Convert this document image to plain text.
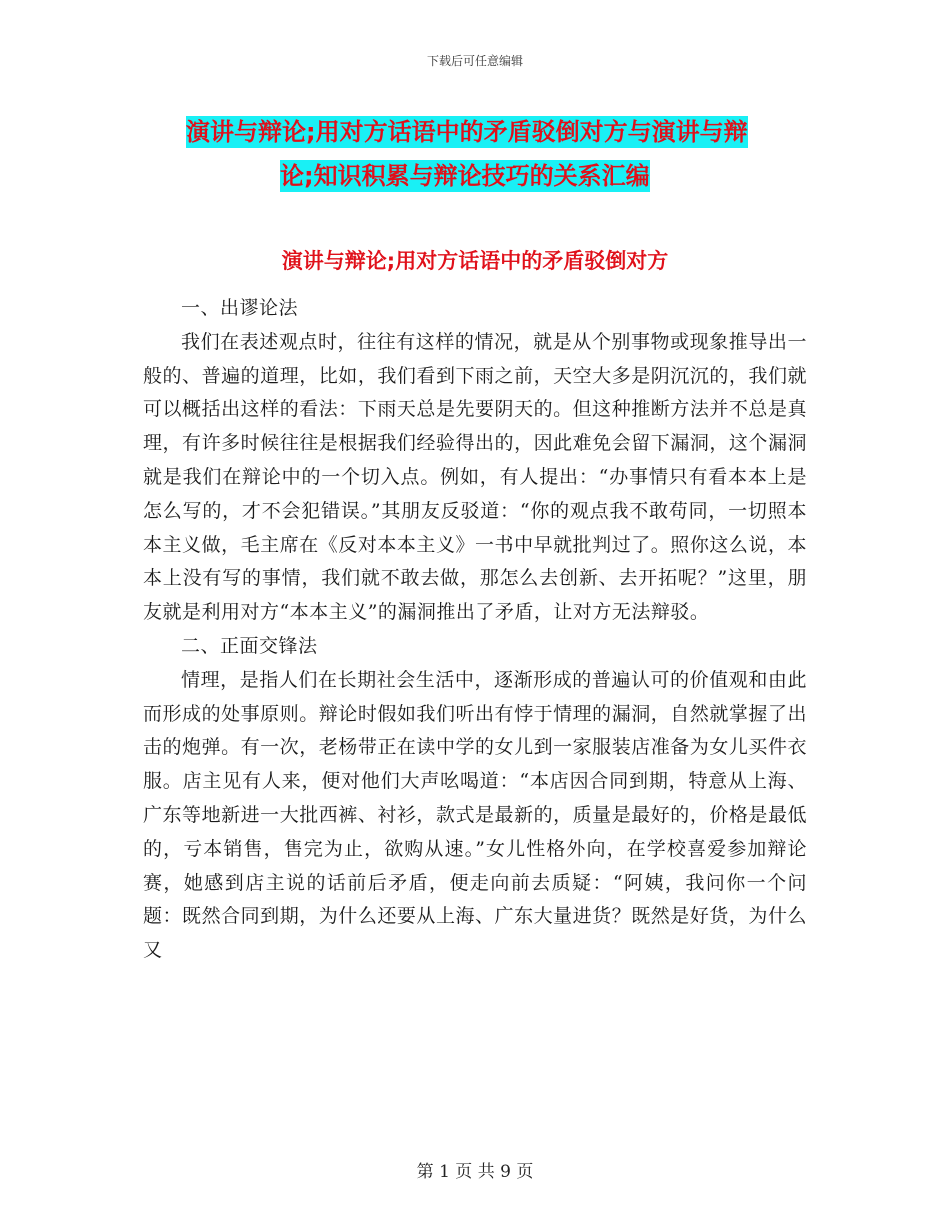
下载后可任意编辑
演讲与辩论;用对方话语中的矛盾驳倒对方与演讲与辩
论;知识积累与辩论技巧的关系汇编
演讲与辩论;用对方话语中的矛盾驳倒对方

一、出谬论法

我们在表述观点时，往往有这样的情况，就是从个别事物或现象推导出一般的、普遍的道理，比如，我们看到下雨之前，天空大多是阴沉沉的，我们就可以概括出这样的看法：下雨天总是先要阴天的。但这种推断方法并不总是真理，有许多时候往往是根据我们经验得出的，因此难免会留下漏洞，这个漏洞就是我们在辩论中的一个切入点。例如，有人提出：“办事情只有看本本上是怎么写的，才不会犯错误。”其朋友反驳道：“你的观点我不敢苟同，一切照本本主义做，毛主席在《反对本本主义》一书中早就批判过了。照你这么说，本本上没有写的事情，我们就不敢去做，那怎么去创新、去开拓呢？”这里，朋友就是利用对方“本本主义”的漏洞推出了矛盾，让对方无法辩驳。

二、正面交锋法

情理，是指人们在长期社会生活中，逐渐形成的普遍认可的价值观和由此而形成的处事原则。辩论时假如我们听出有悖于情理的漏洞，自然就掌握了出击的炮弹。有一次，老杨带正在读中学的女儿到一家服装店准备为女儿买件衣服。店主见有人来，便对他们大声吆喝道：“本店因合同到期，特意从上海、广东等地新进一大批西裤、衬衫，款式是最新的，质量是最好的，价格是最低的，亏本销售，售完为止，欲购从速。”女儿性格外向，在学校喜爱参加辩论赛，她感到店主说的话前后矛盾，便走向前去质疑：“阿姨，我问你一个问题：既然合同到期，为什么还要从上海、广东大量进货？既然是好货，为什么又

第 1 页 共 9 页
